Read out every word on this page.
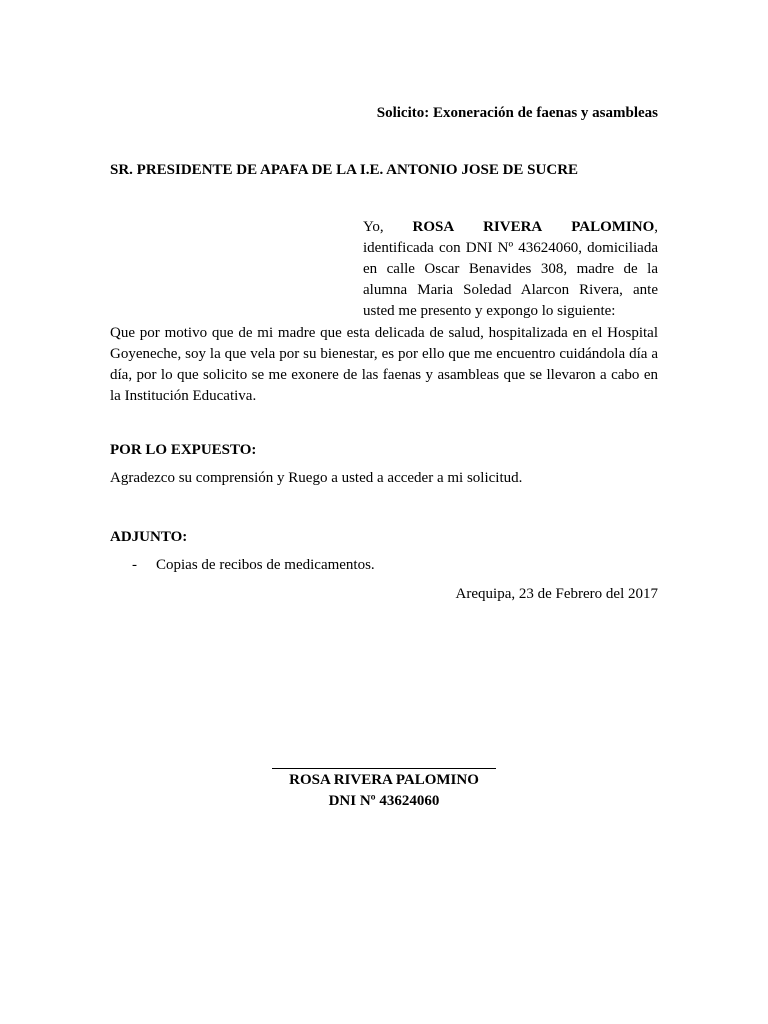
Solicito: Exoneración de faenas y asambleas
SR. PRESIDENTE DE APAFA DE LA I.E. ANTONIO JOSE DE SUCRE
Yo, ROSA RIVERA PALOMINO,
identificada con DNI Nº 43624060, domiciliada en calle Oscar Benavides 308, madre de la alumna Maria Soledad Alarcon Rivera, ante usted me presento y expongo lo siguiente:
Que por motivo que de mi madre que esta delicada de salud, hospitalizada en el Hospital Goyeneche, soy la que vela por su bienestar, es por ello que me encuentro cuidándola día a día, por lo que solicito se me exonere de las faenas y asambleas que se llevaron a cabo en la Institución Educativa.
POR LO EXPUESTO:
Agradezco su comprensión y Ruego a usted a acceder a mi solicitud.
ADJUNTO:
- Copias de recibos de medicamentos.
Arequipa, 23 de Febrero del 2017
ROSA RIVERA PALOMINO
DNI Nº 43624060
